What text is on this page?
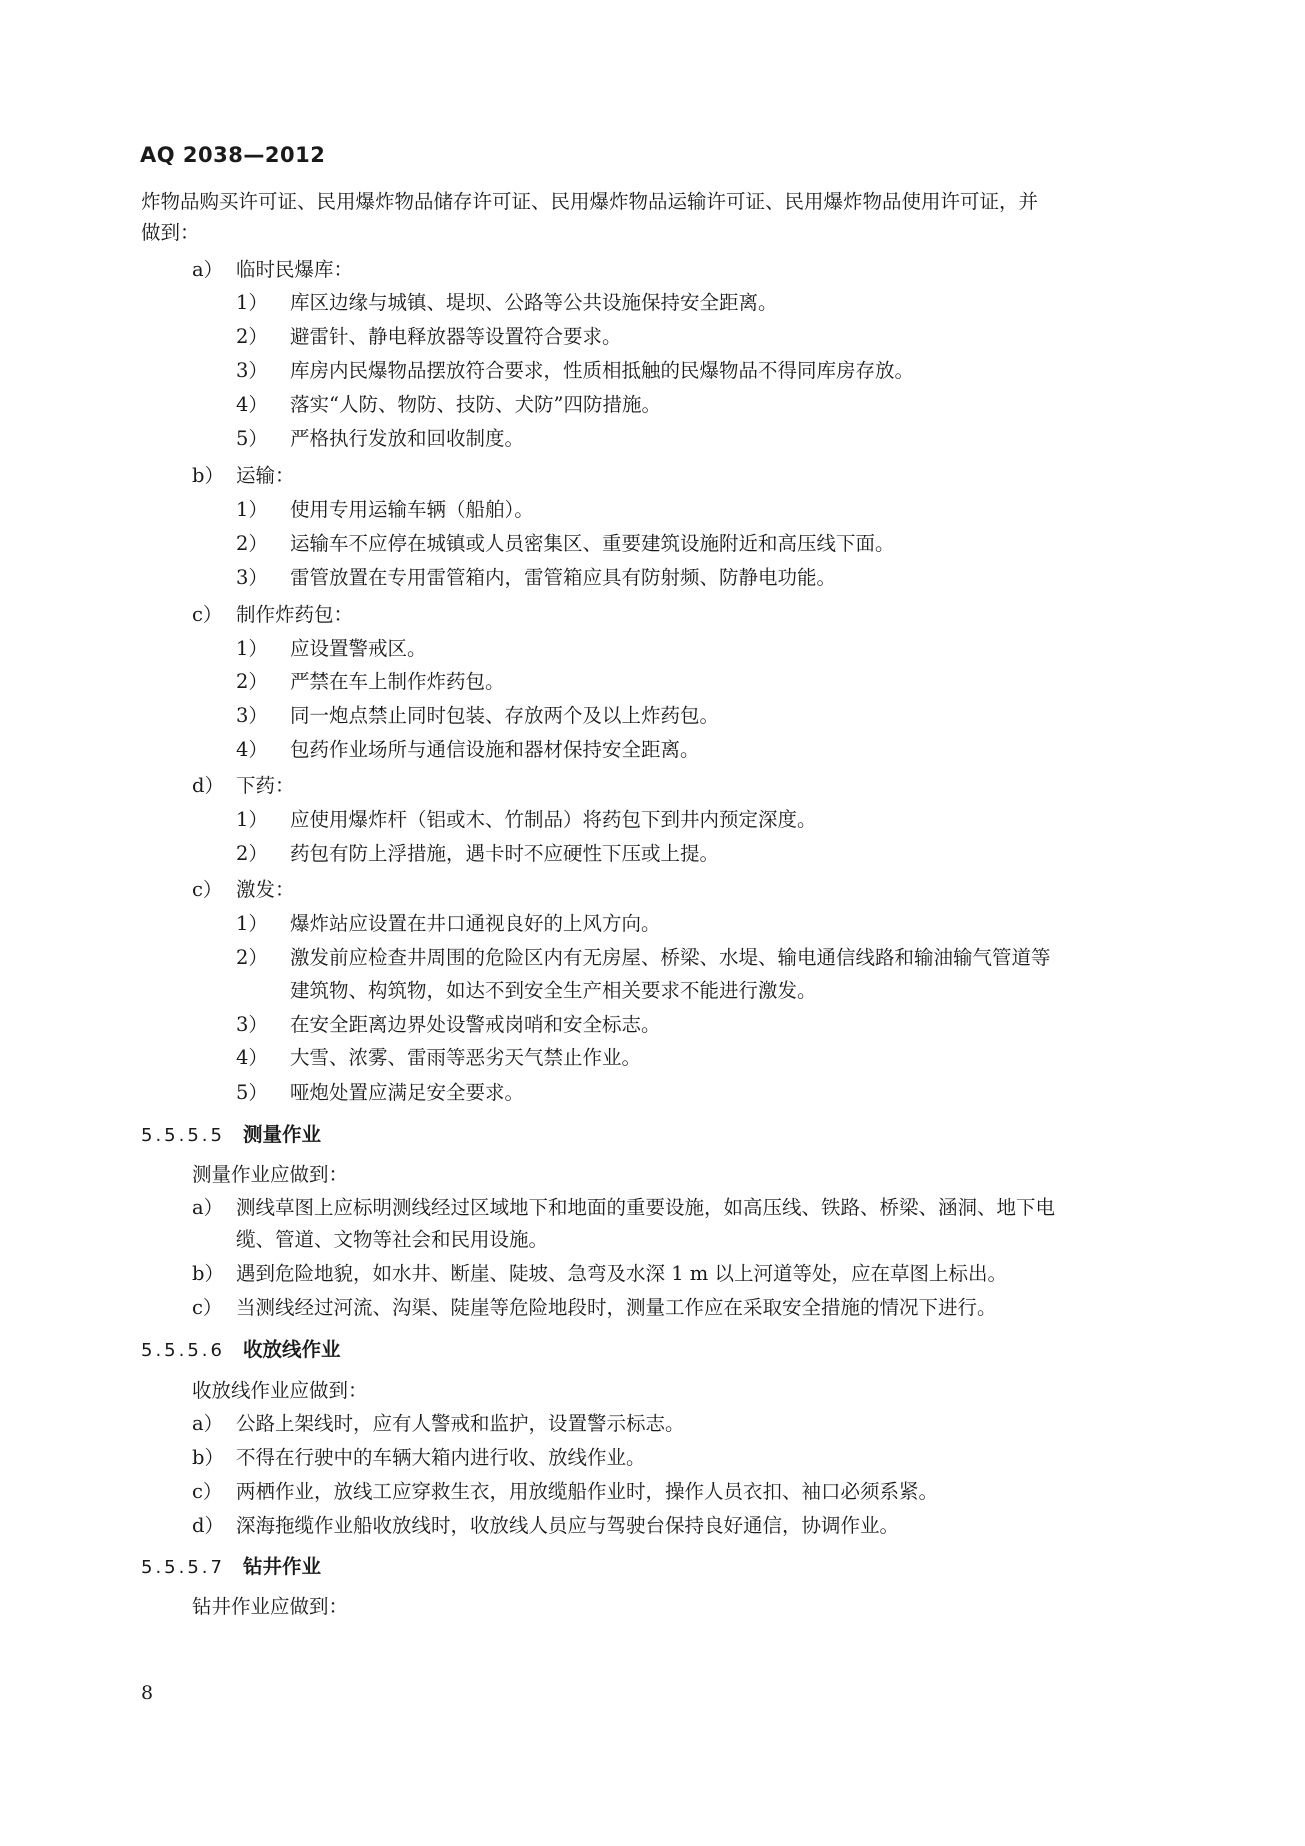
AQ 2038—2012
炸物品购买许可证、民用爆炸物品储存许可证、民用爆炸物品运输许可证、民用爆炸物品使用许可证，并
做到：
a） 临时民爆库：
1） 库区边缘与城镇、堤坝、公路等公共设施保持安全距离。
2） 避雷针、静电释放器等设置符合要求。
3） 库房内民爆物品摆放符合要求，性质相抵触的民爆物品不得同库房存放。
4） 落实“人防、物防、技防、犬防”四防措施。
5） 严格执行发放和回收制度。
b） 运输：
1） 使用专用运输车辆（船舶）。
2） 运输车不应停在城镇或人员密集区、重要建筑设施附近和高压线下面。
3） 雷管放置在专用雷管箱内，雷管箱应具有防射频、防静电功能。
c） 制作炸药包：
1） 应设置警戒区。
2） 严禁在车上制作炸药包。
3） 同一炮点禁止同时包装、存放两个及以上炸药包。
4） 包药作业场所与通信设施和器材保持安全距离。
d） 下药：
1） 应使用爆炸杆（铝或木、竹制品）将药包下到井内预定深度。
2） 药包有防上浮措施，遇卡时不应硬性下压或上提。
c） 激发：
1） 爆炸站应设置在井口通视良好的上风方向。
2） 激发前应检查井周围的危险区内有无房屋、桥梁、水堤、输电通信线路和输油输气管道等
建筑物、构筑物，如达不到安全生产相关要求不能进行激发。
3） 在安全距离边界处设警戒岗哨和安全标志。
4） 大雪、浓雾、雷雨等恶劣天气禁止作业。
5） 哑炮处置应满足安全要求。
5.5.5.5 测量作业
测量作业应做到：
a） 测线草图上应标明测线经过区域地下和地面的重要设施，如高压线、铁路、桥梁、涵洞、地下电
缆、管道、文物等社会和民用设施。
b） 遇到危险地貌，如水井、断崖、陡坡、急弯及水深 1 m 以上河道等处，应在草图上标出。
c） 当测线经过河流、沟渠、陡崖等危险地段时，测量工作应在采取安全措施的情况下进行。
5.5.5.6 收放线作业
收放线作业应做到：
a） 公路上架线时，应有人警戒和监护，设置警示标志。
b） 不得在行驶中的车辆大箱内进行收、放线作业。
c） 两栖作业，放线工应穿救生衣，用放缆船作业时，操作人员衣扣、袖口必须系紧。
d） 深海拖缆作业船收放线时，收放线人员应与驾驶台保持良好通信，协调作业。
5.5.5.7 钻井作业
钻井作业应做到：
8
